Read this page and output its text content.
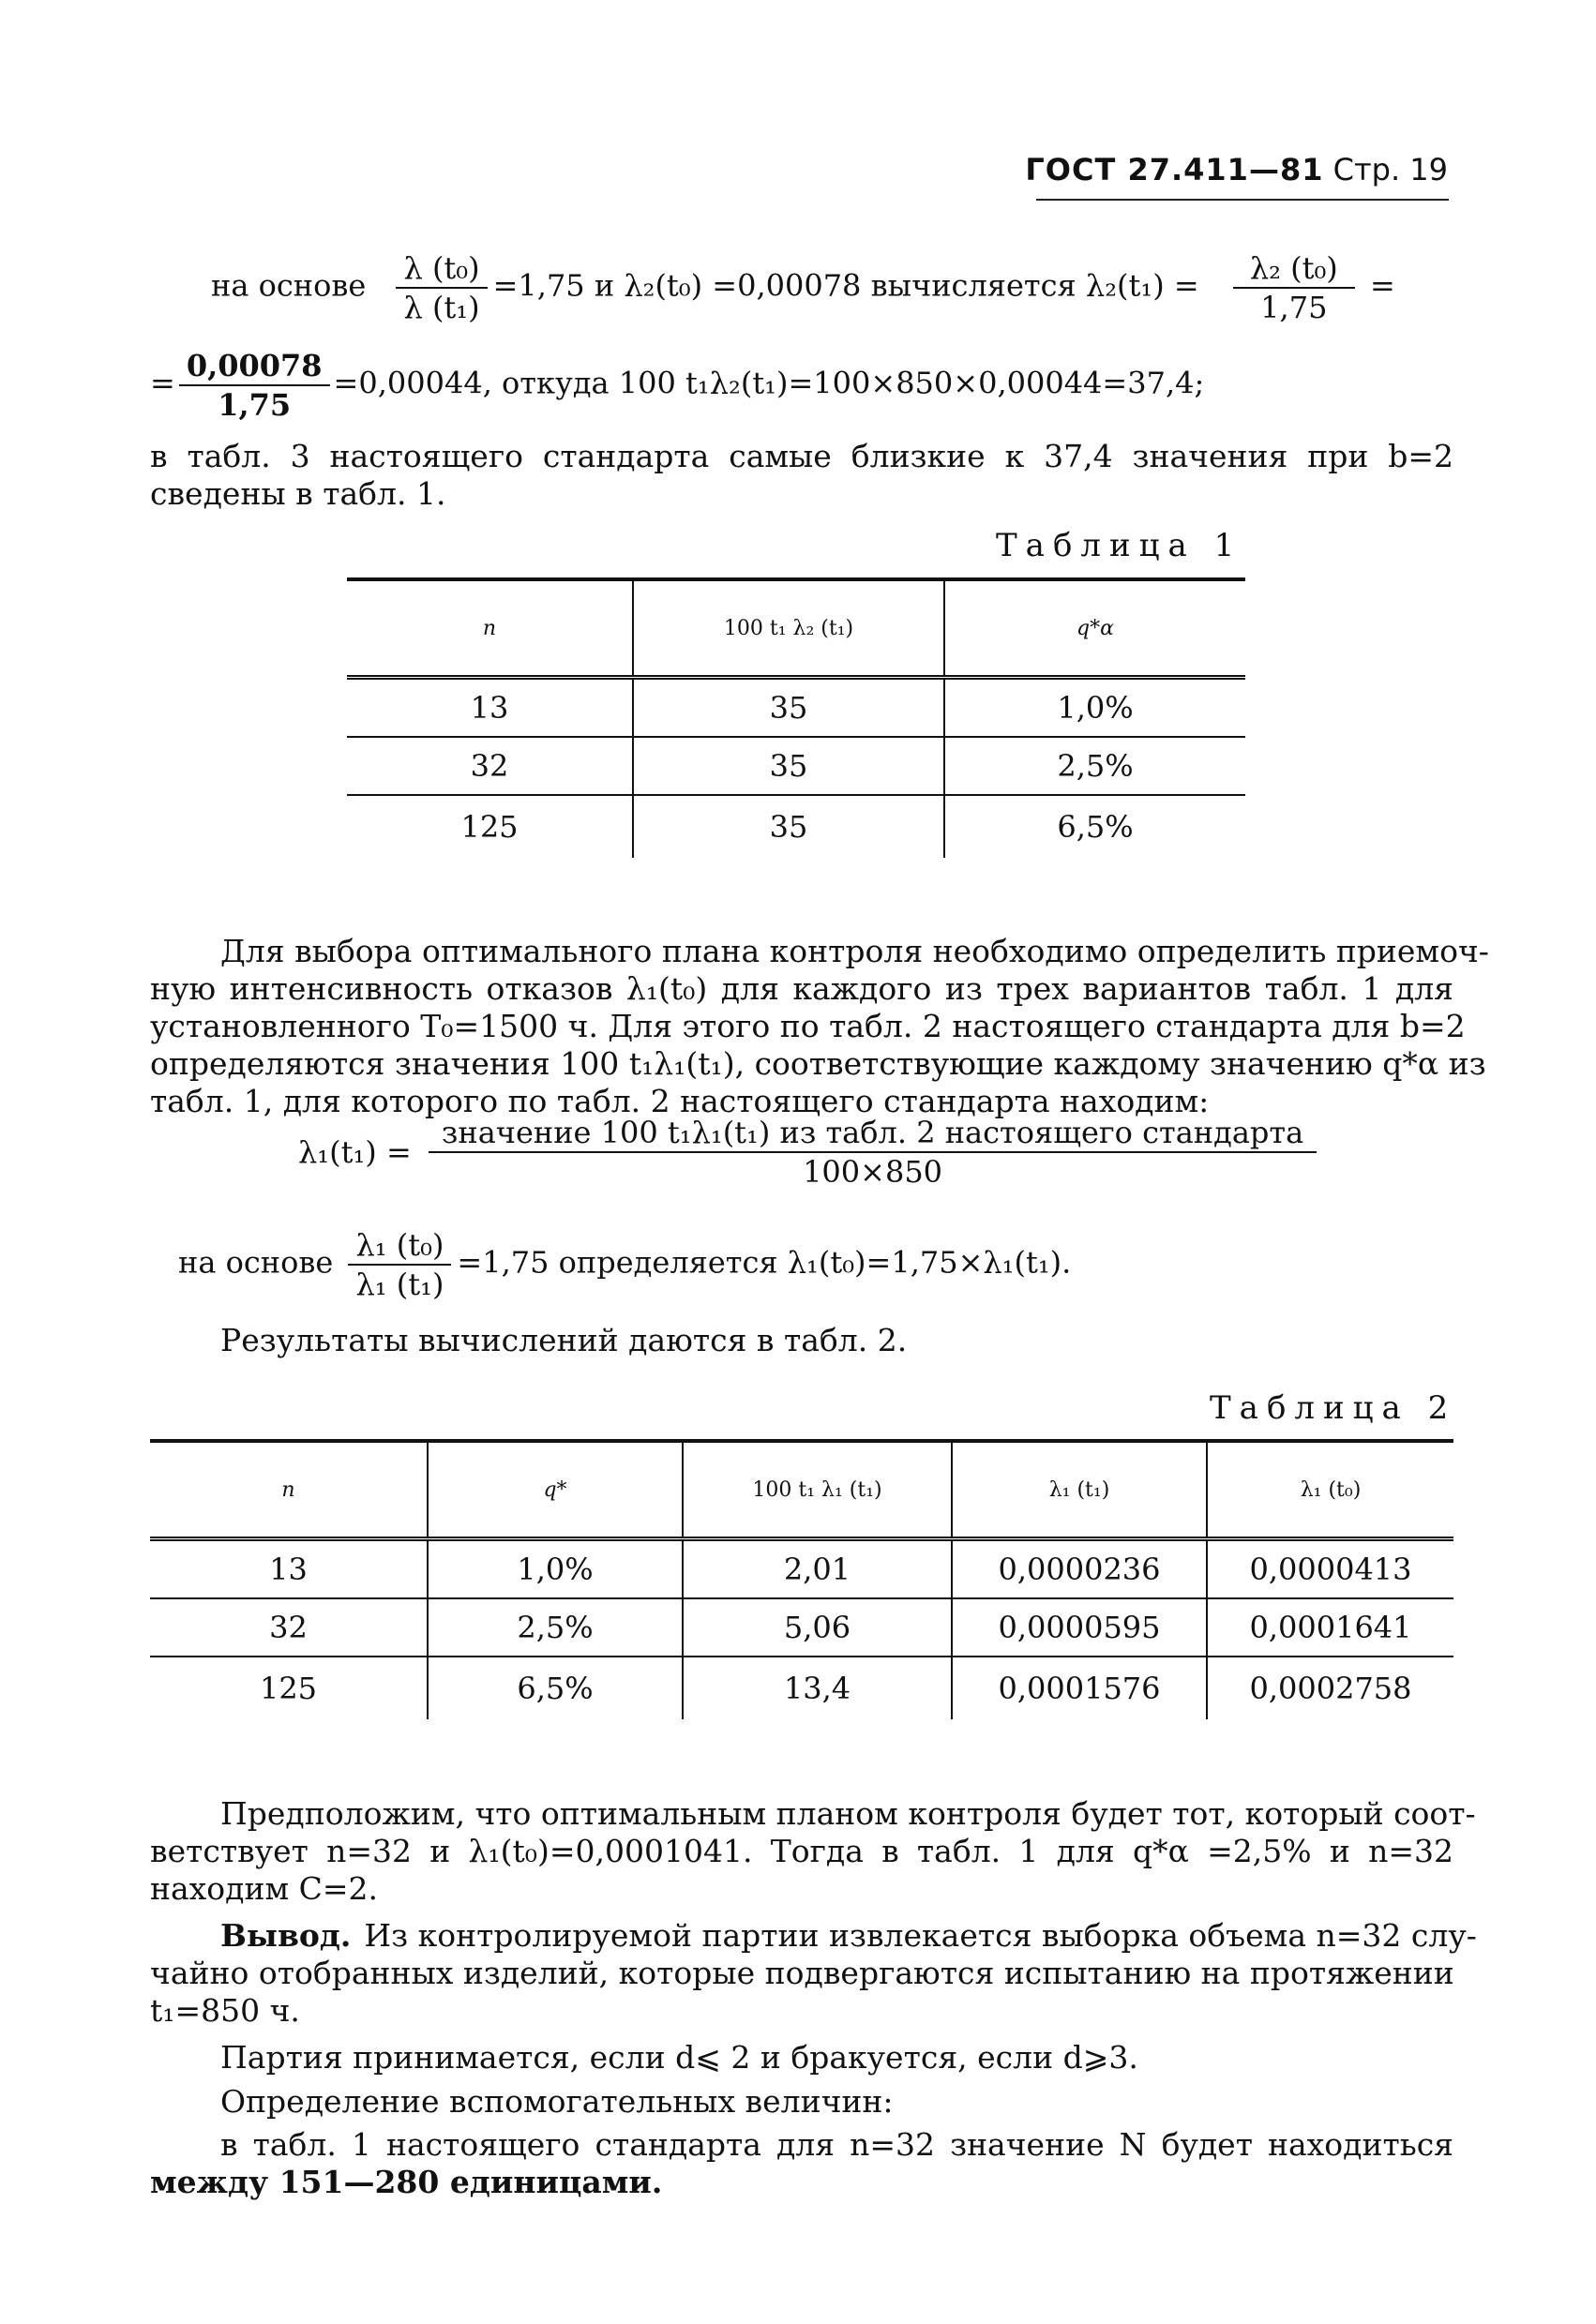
ГОСТ 27.411—81 Стр. 19
на основе $\frac{\text{λ (t₀)}}{\text{λ (t₁)}} =1,75$ и λ₂(t₀) =0,00078 вычисляется $\lambda_2(t_1) = \frac{\text{λ₂ (t₀)}}{1,75}$ =
= $\frac{0,00078}{1,75} =0,00044$, откуда 100 t₁λ₂(t₁)=100×850×0,00044=37,4;
в табл. 3 настоящего стандарта самые близкие к 37,4 значения при b=2
сведены в табл. 1.
Таблица 1
n	100 t₁ λ₂ (t₁)	q*α
13	35	1,0%
32	35	2,5%
125	35	6,5%
Для выбора оптимального плана контроля необходимо определить приемоч-
ную интенсивность отказов λ₁(t₀) для каждого из трех вариантов табл. 1 для
установленного T₀=1500 ч. Для этого по табл. 2 настоящего стандарта для b=2
определяются значения 100 t₁λ₁(t₁), соответствующие каждому значению q*α из
табл. 1, для которого по табл. 2 настоящего стандарта находим:
$\lambda_1(t_1) = \frac{\text{значение 100 t₁λ₁(t₁) из табл. 2 настоящего стандарта}}{100\times 850}$
на основе $\frac{\text{λ₁ (t₀)}}{\text{λ₁ (t₁)}} =1,75$ определяется λ₁(t₀)=1,75×λ₁(t₁).
Результаты вычислений даются в табл. 2.
Таблица 2
n	q*	100 t₁ λ₁ (t₁)	λ₁ (t₁)	λ₁ (t₀)
13	1,0%	2,01	0,0000236	0,0000413
32	2,5%	5,06	0,0000595	0,0001641
125	6,5%	13,4	0,0001576	0,0002758
Предположим, что оптимальным планом контроля будет тот, который соот-
ветствует n=32 и λ₁(t₀)=0,0001041. Тогда в табл. 1 для q*α =2,5% и n=32
находим C=2.
Вывод. Из контролируемой партии извлекается выборка объема n=32 слу-
чайно отобранных изделий, которые подвергаются испытанию на протяжении
t₁=850 ч.
Партия принимается, если d⩽ 2 и бракуется, если d⩾3.
Определение вспомогательных величин:
в табл. 1 настоящего стандарта для n=32 значение N будет находиться
между 151—280 единицами.
